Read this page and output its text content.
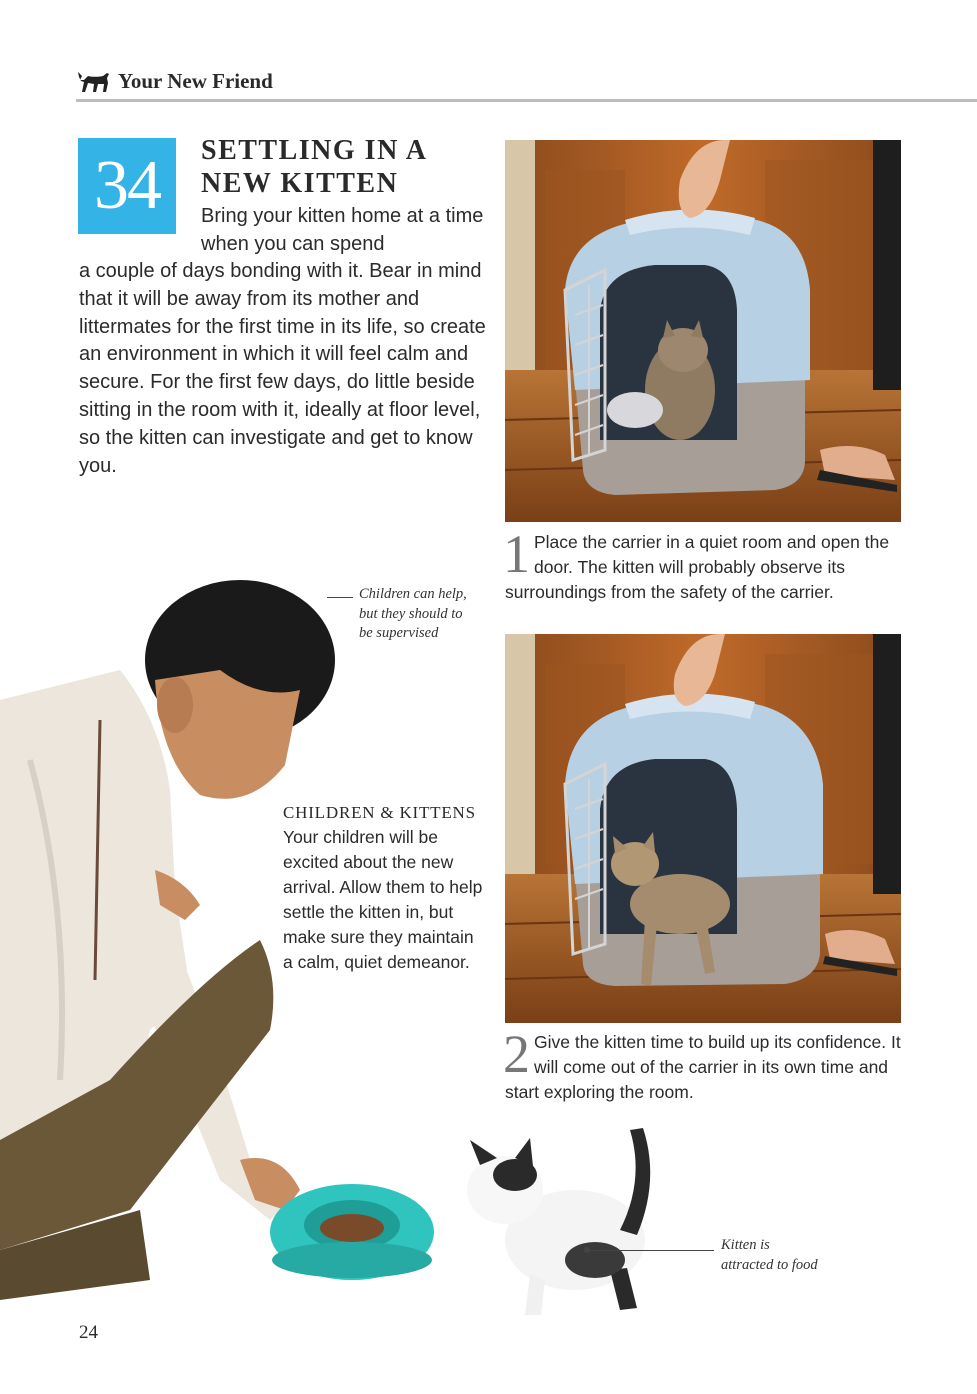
Your New Friend
34	SETTLING IN A NEW KITTEN
Bring your kitten home at a time when you can spend
a couple of days bonding with it. Bear in mind that it will be away from its mother and littermates for the first time in its life, so create an environment in which it will feel calm and secure. For the first few days, do little beside sitting in the room with it, ideally at floor level, so the kitten can investigate and get to know you.
1 Place the carrier in a quiet room and open the door. The kitten will probably observe its surroundings from the safety of the carrier.
2 Give the kitten time to build up its confidence. It will come out of the carrier in its own time and start exploring the room.
Children can help, but they should to be supervised
Kitten is attracted to food
CHILDREN & KITTENS
Your children will be excited about the new arrival. Allow them to help settle the kitten in, but make sure they maintain a calm, quiet demeanor.
24
